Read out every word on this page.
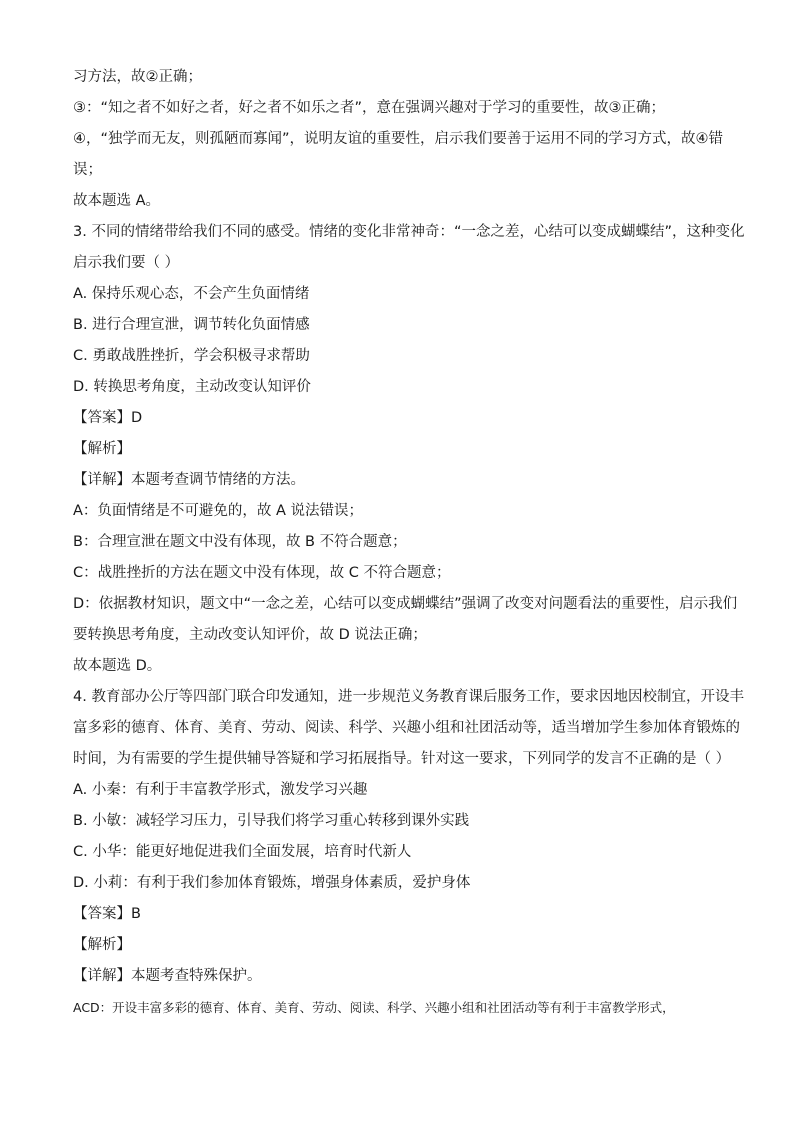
习方法，故②正确；
③：“知之者不如好之者，好之者不如乐之者”，意在强调兴趣对于学习的重要性，故③正确；
④，“独学而无友，则孤陋而寡闻”，说明友谊的重要性，启示我们要善于运用不同的学习方式，故④错
误；
故本题选 A。
3. 不同的情绪带给我们不同的感受。情绪的变化非常神奇：“一念之差，心结可以变成蝴蝶结”，这种变化
启示我们要（ ）
A. 保持乐观心态，不会产生负面情绪
B. 进行合理宣泄，调节转化负面情感
C. 勇敢战胜挫折，学会积极寻求帮助
D. 转换思考角度，主动改变认知评价
【答案】D
【解析】
【详解】本题考查调节情绪的方法。
A：负面情绪是不可避免的，故 A 说法错误；
B：合理宣泄在题文中没有体现，故 B 不符合题意；
C：战胜挫折的方法在题文中没有体现，故 C 不符合题意；
D：依据教材知识，题文中“一念之差，心结可以变成蝴蝶结”强调了改变对问题看法的重要性，启示我们
要转换思考角度，主动改变认知评价，故 D 说法正确；
故本题选 D。
4. 教育部办公厅等四部门联合印发通知，进一步规范义务教育课后服务工作，要求因地因校制宜，开设丰
富多彩的德育、体育、美育、劳动、阅读、科学、兴趣小组和社团活动等，适当增加学生参加体育锻炼的
时间，为有需要的学生提供辅导答疑和学习拓展指导。针对这一要求，下列同学的发言不正确的是（ ）
A. 小秦：有利于丰富教学形式，激发学习兴趣
B. 小敏：减轻学习压力，引导我们将学习重心转移到课外实践
C. 小华：能更好地促进我们全面发展，培育时代新人
D. 小莉：有利于我们参加体育锻炼，增强身体素质，爱护身体
【答案】B
【解析】
【详解】本题考查特殊保护。
ACD：开设丰富多彩的德育、体育、美育、劳动、阅读、科学、兴趣小组和社团活动等有利于丰富教学形式，
